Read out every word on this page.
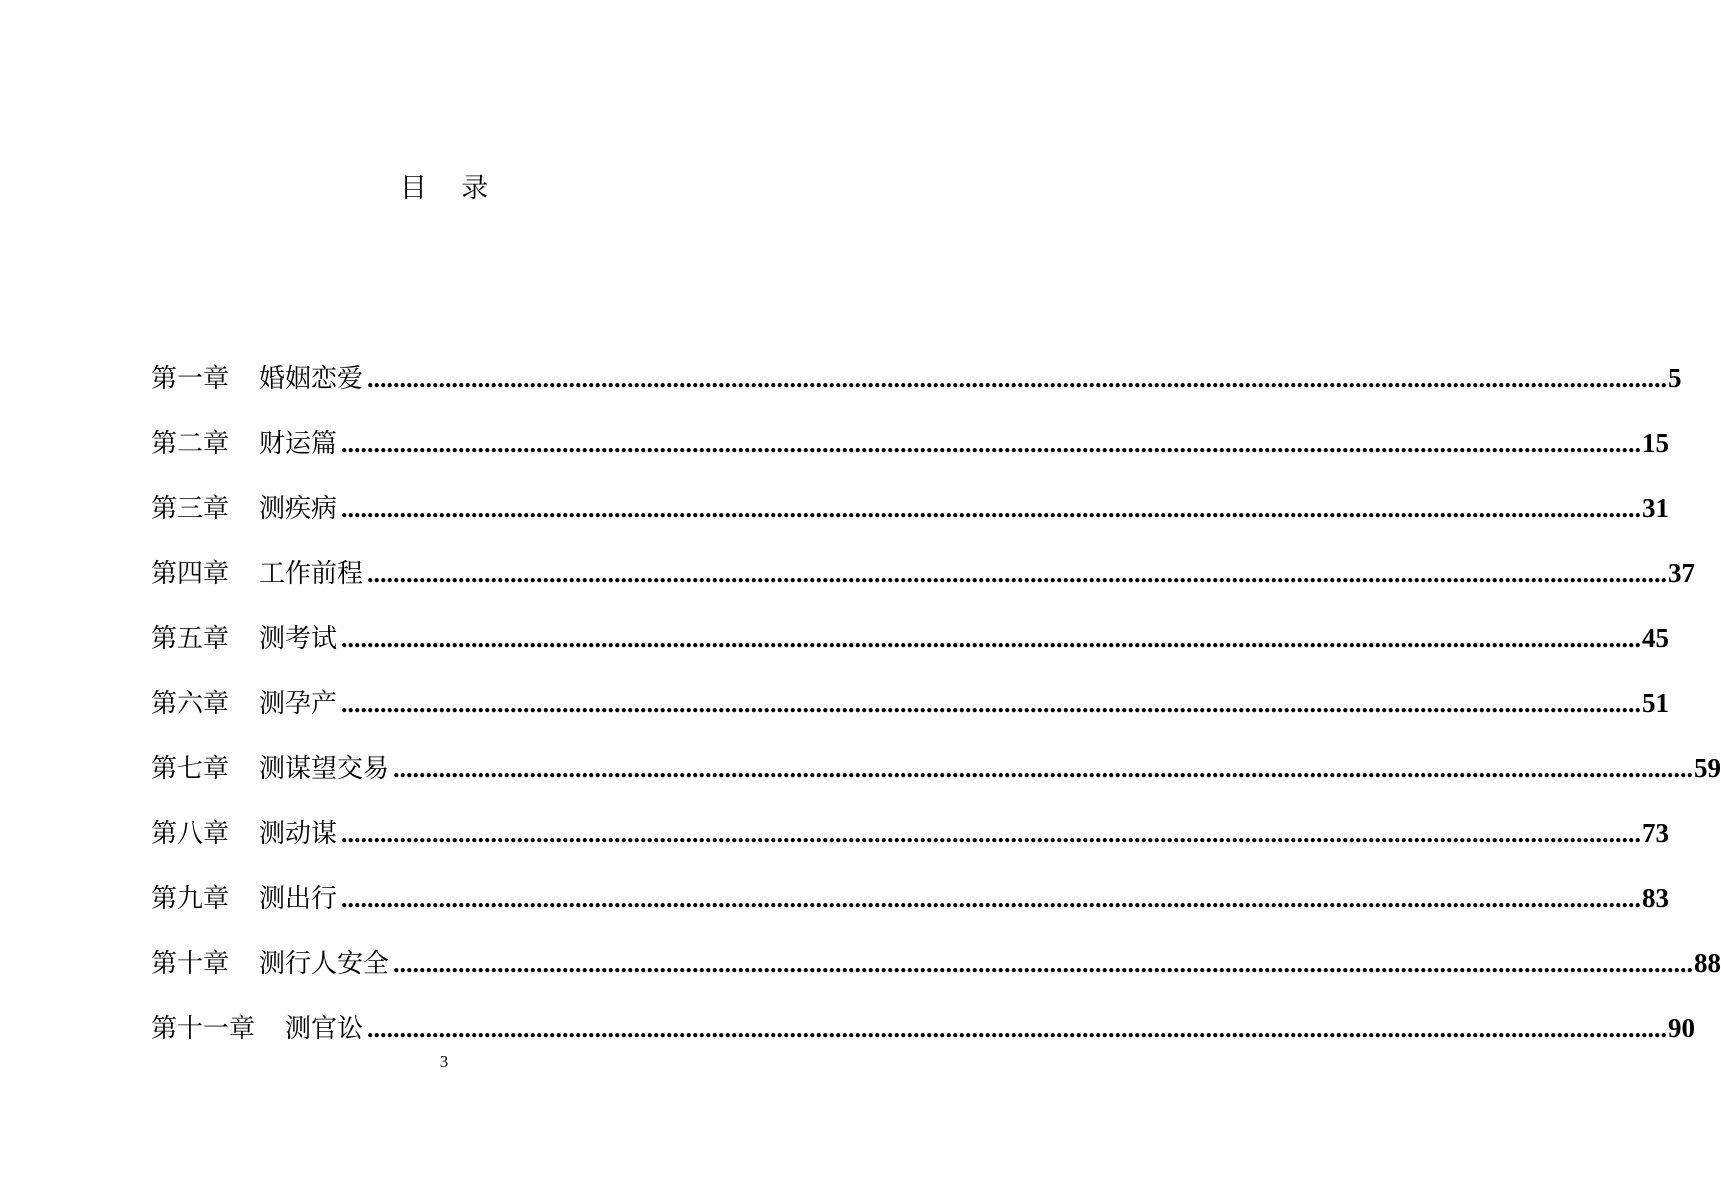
目    录
第一章 婚姻恋爱 ........................................................................................................................................................................................................ 5
第二章 财运篇 ........................................................................................................................................................................................................ 15
第三章 测疾病 ........................................................................................................................................................................................................ 31
第四章 工作前程 ........................................................................................................................................................................................................ 37
第五章 测考试 ........................................................................................................................................................................................................ 45
第六章 测孕产 ........................................................................................................................................................................................................ 51
第七章 测谋望交易 ........................................................................................................................................................................................................ 59
第八章 测动谋 ........................................................................................................................................................................................................ 73
第九章 测出行 ........................................................................................................................................................................................................ 83
第十章 测行人安全 ........................................................................................................................................................................................................ 88
第十一章 测官讼 ........................................................................................................................................................................................................ 90
3
